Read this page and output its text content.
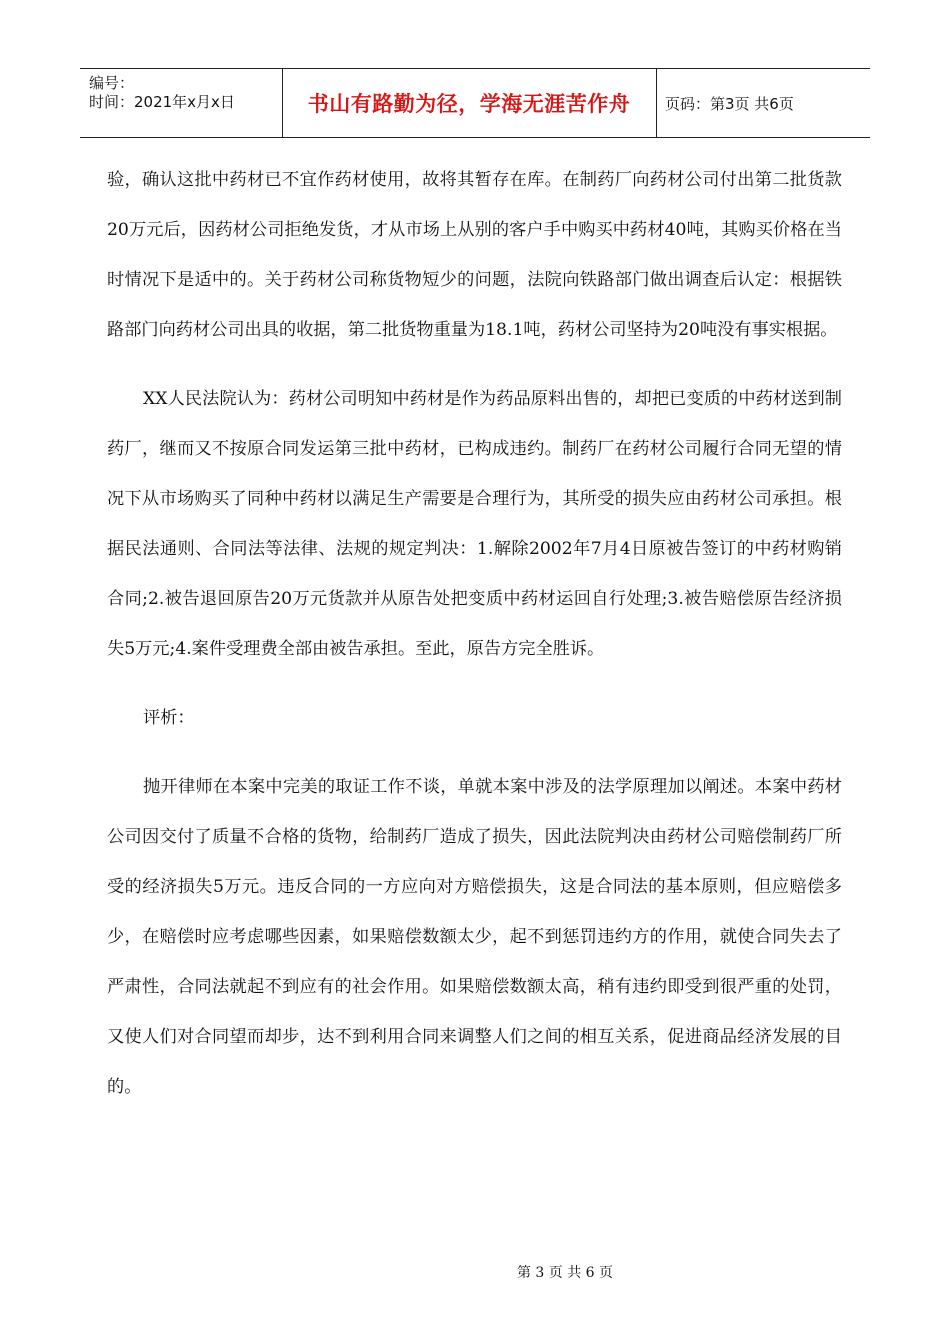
编号：
时间：2021年x月x日	书山有路勤为径，学海无涯苦作舟 页码：第3页 共6页

验，确认这批中药材已不宜作药材使用，故将其暂存在库。在制药厂向药材公司付出第二批货款20万元后，因药材公司拒绝发货，才从市场上从别的客户手中购买中药材40吨，其购买价格在当时情况下是适中的。关于药材公司称货物短少的问题，法院向铁路部门做出调查后认定：根据铁路部门向药材公司出具的收据，第二批货物重量为18.1吨，药材公司坚持为20吨没有事实根据。

XX人民法院认为：药材公司明知中药材是作为药品原料出售的，却把已变质的中药材送到制药厂，继而又不按原合同发运第三批中药材，已构成违约。制药厂在药材公司履行合同无望的情况下从市场购买了同种中药材以满足生产需要是合理行为，其所受的损失应由药材公司承担。根据民法通则、合同法等法律、法规的规定判决：1.解除2002年7月4日原被告签订的中药材购销合同;2.被告退回原告20万元货款并从原告处把变质中药材运回自行处理;3.被告赔偿原告经济损失5万元;4.案件受理费全部由被告承担。至此，原告方完全胜诉。

评析：

抛开律师在本案中完美的取证工作不谈，单就本案中涉及的法学原理加以阐述。本案中药材公司因交付了质量不合格的货物，给制药厂造成了损失，因此法院判决由药材公司赔偿制药厂所受的经济损失5万元。违反合同的一方应向对方赔偿损失，这是合同法的基本原则，但应赔偿多少，在赔偿时应考虑哪些因素，如果赔偿数额太少，起不到惩罚违约方的作用，就使合同失去了严肃性，合同法就起不到应有的社会作用。如果赔偿数额太高，稍有违约即受到很严重的处罚，又使人们对合同望而却步，达不到利用合同来调整人们之间的相互关系，促进商品经济发展的目的。

第 3 页 共 6 页
